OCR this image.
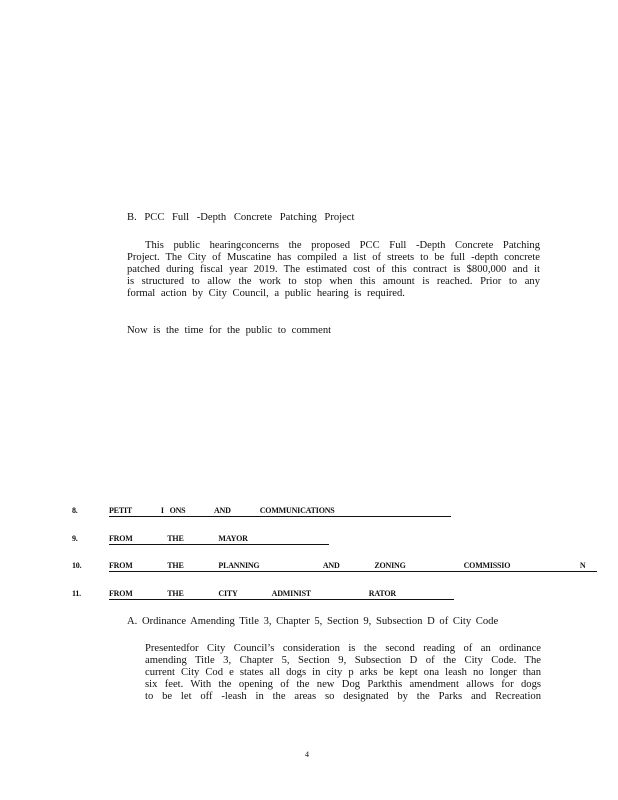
B. PCC Full -Depth Concrete Patching Project
This public hearingconcerns the proposed PCC Full -Depth Concrete Patching
Project. The City of Muscatine has compiled a list of streets to be full -depth concrete
patched during fiscal year 2019. The estimated cost of this contract is $800,000 and it
is structured to allow the work to stop when this amount is reached. Prior to any
formal action by City Council, a public hearing is required.
Now is the time for the public to comment
8.	PETIT     I ONS     AND     COMMUNICATIONS
9.	FROM      THE      MAYOR
10.	FROM      THE      PLANNING           AND      ZONING          COMMISSIO            N
11.	FROM      THE      CITY      ADMINIST          RATOR
A. Ordinance Amending Title 3, Chapter 5, Section 9, Subsection D of City Code
Presentedfor City Council’s consideration is the second reading of an ordinance
amending Title 3, Chapter 5, Section 9, Subsection D of the City Code. The
current City Cod e states all dogs in city p arks be kept ona leash no longer than
six feet. With the opening of the new Dog Parkthis amendment allows for dogs
to be let off -leash in the areas so designated by the Parks and Recreation
4
